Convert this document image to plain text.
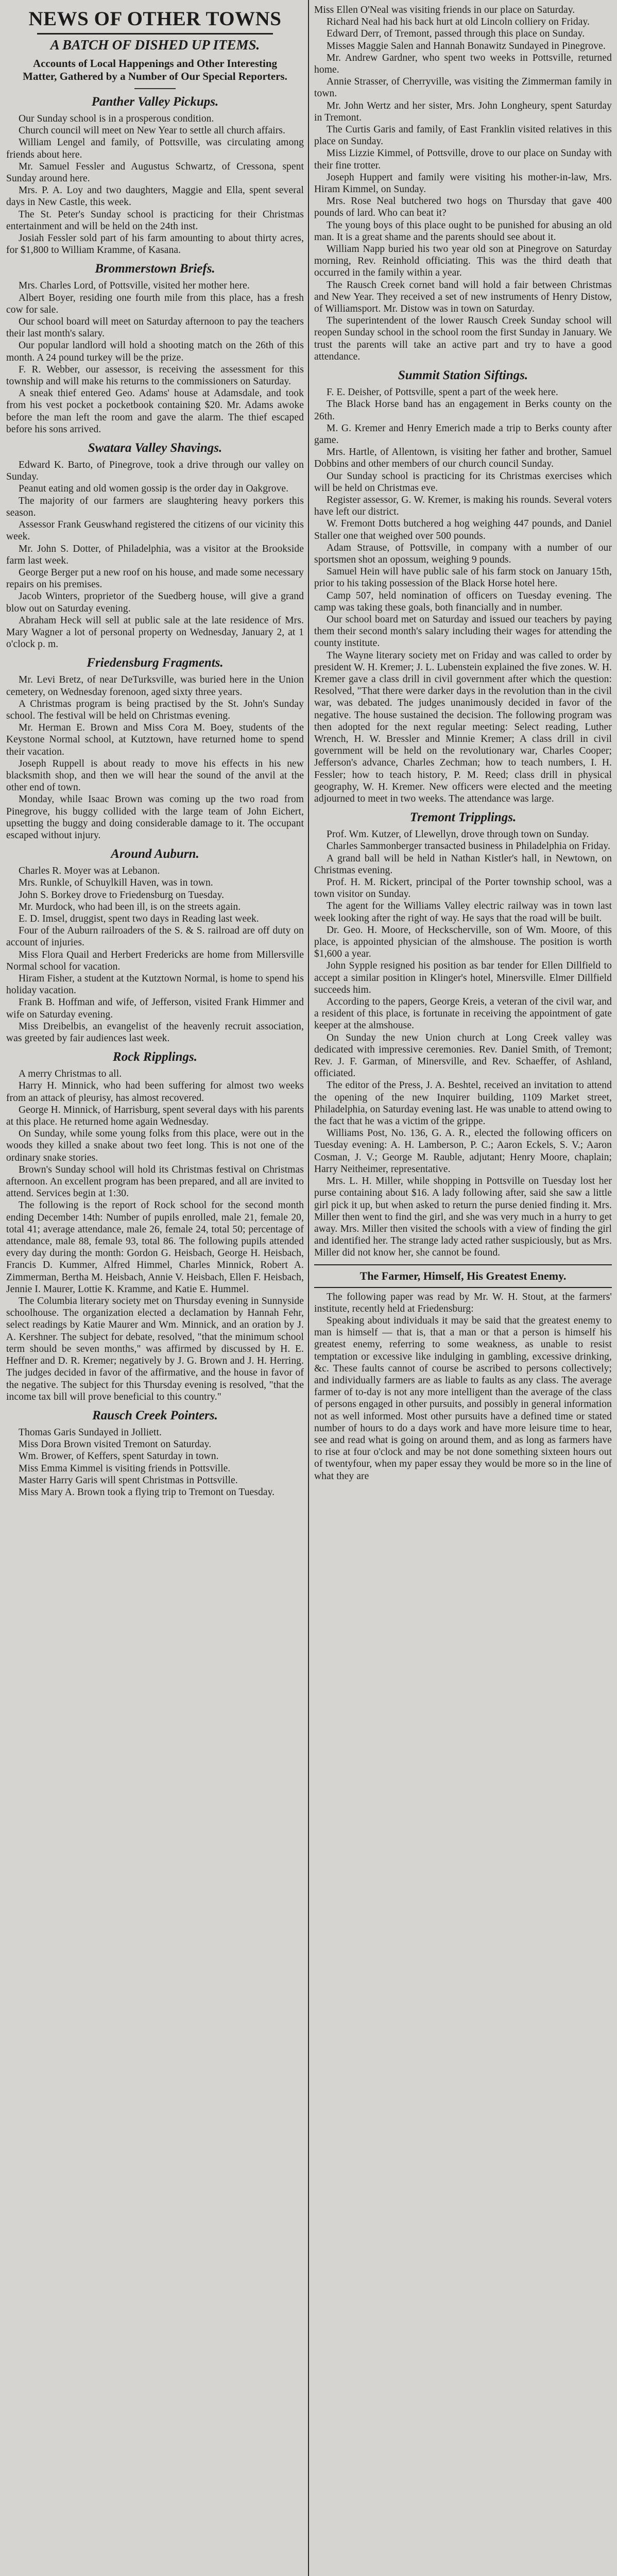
NEWS OF OTHER TOWNS
A BATCH OF DISHED UP ITEMS.
Accounts of Local Happenings and Other Interesting Matter, Gathered by a Number of Our Special Reporters.
Panther Valley Pickups.

Our Sunday school is in a prosperous condition.

Church council will meet on New Year to settle all church affairs.

William Lengel and family, of Pottsville, was circulating among friends about here.

Mr. Samuel Fessler and Augustus Schwartz, of Cressona, spent Sunday around here.

Mrs. P. A. Loy and two daughters, Maggie and Ella, spent several days in New Castle, this week.

The St. Peter's Sunday school is practicing for their Christmas entertainment and will be held on the 24th inst.

Josiah Fessler sold part of his farm amounting to about thirty acres, for $1,800 to William Kramme, of Kasana.

Brommerstown Briefs.

Mrs. Charles Lord, of Pottsville, visited her mother here.

Albert Boyer, residing one fourth mile from this place, has a fresh cow for sale.

Our school board will meet on Saturday afternoon to pay the teachers their last month's salary.

Our popular landlord will hold a shooting match on the 26th of this month. A 24 pound turkey will be the prize.

F. R. Webber, our assessor, is receiving the assessment for this township and will make his returns to the commissioners on Saturday.

A sneak thief entered Geo. Adams' house at Adamsdale, and took from his vest pocket a pocketbook containing $20. Mr. Adams awoke before the man left the room and gave the alarm. The thief escaped before his sons arrived.

Swatara Valley Shavings.

Edward K. Barto, of Pinegrove, took a drive through our valley on Sunday.

Peanut eating and old women gossip is the order day in Oakgrove.

The majority of our farmers are slaughtering heavy porkers this season.

Assessor Frank Geuswhand registered the citizens of our vicinity this week.

Mr. John S. Dotter, of Philadelphia, was a visitor at the Brookside farm last week.

George Berger put a new roof on his house, and made some necessary repairs on his premises.

Jacob Winters, proprietor of the Suedberg house, will give a grand blow out on Saturday evening.

Abraham Heck will sell at public sale at the late residence of Mrs. Mary Wagner a lot of personal property on Wednesday, January 2, at 1 o'clock p. m.

Friedensburg Fragments.

Mr. Levi Bretz, of near DeTurksville, was buried here in the Union cemetery, on Wednesday forenoon, aged sixty three years.

A Christmas program is being practised by the St. John's Sunday school. The festival will be held on Christmas evening.

Mr. Herman E. Brown and Miss Cora M. Boey, students of the Keystone Normal school, at Kutztown, have returned home to spend their vacation.

Joseph Ruppell is about ready to move his effects in his new blacksmith shop, and then we will hear the sound of the anvil at the other end of town.

Monday, while Isaac Brown was coming up the two road from Pinegrove, his buggy collided with the large team of John Eichert, upsetting the buggy and doing considerable damage to it. The occupant escaped without injury.

Around Auburn.

Charles R. Moyer was at Lebanon.

Mrs. Runkle, of Schuylkill Haven, was in town.

John S. Borkey drove to Friedensburg on Tuesday.

Mr. Murdock, who had been ill, is on the streets again.

E. D. Imsel, druggist, spent two days in Reading last week.

Four of the Auburn railroaders of the S. & S. railroad are off duty on account of injuries.

Miss Flora Quail and Herbert Fredericks are home from Millersville Normal school for vacation.

Hiram Fisher, a student at the Kutztown Normal, is home to spend his holiday vacation.

Frank B. Hoffman and wife, of Jefferson, visited Frank Himmer and wife on Saturday evening.

Miss Dreibelbis, an evangelist of the heavenly recruit association, was greeted by fair audiences last week.

Rock Ripplings.

A merry Christmas to all.

Harry H. Minnick, who had been suffering for almost two weeks from an attack of pleurisy, has almost recovered.

George H. Minnick, of Harrisburg, spent several days with his parents at this place. He returned home again Wednesday.

On Sunday, while some young folks from this place, were out in the woods they killed a snake about two feet long. This is not one of the ordinary snake stories.

Brown's Sunday school will hold its Christmas festival on Christmas afternoon. An excellent program has been prepared, and all are invited to attend. Services begin at 1:30.

The following is the report of Rock school for the second month ending December 14th: Number of pupils enrolled, male 21, female 20, total 41; average attendance, male 26, female 24, total 50; percentage of attendance, male 88, female 93, total 86. The following pupils attended every day during the month: Gordon G. Heisbach, George H. Heisbach, Francis D. Kummer, Alfred Himmel, Charles Minnick, Robert A. Zimmerman, Bertha M. Heisbach, Annie V. Heisbach, Ellen F. Heisbach, Jennie I. Maurer, Lottie K. Kramme, and Katie E. Hummel.

The Columbia literary society met on Thursday evening in Sunnyside schoolhouse. The organization elected a declamation by Hannah Fehr, select readings by Katie Maurer and Wm. Minnick, and an oration by J. A. Kershner. The subject for debate, resolved, "that the minimum school term should be seven months," was affirmed by discussed by H. E. Heffner and D. R. Kremer; negatively by J. G. Brown and J. H. Herring. The judges decided in favor of the affirmative, and the house in favor of the negative. The subject for this Thursday evening is resolved, "that the income tax bill will prove beneficial to this country."

Rausch Creek Pointers.

Thomas Garis Sundayed in Jolliett.

Miss Dora Brown visited Tremont on Saturday.

Wm. Brower, of Keffers, spent Saturday in town.

Miss Emma Kimmel is visiting friends in Pottsville.

Master Harry Garis will spent Christmas in Pottsville.

Miss Mary A. Brown took a flying trip to Tremont on Tuesday.

Miss Ellen O'Neal was visiting friends in our place on Saturday.

Richard Neal had his back hurt at old Lincoln colliery on Friday.

Edward Derr, of Tremont, passed through this place on Sunday.

Misses Maggie Salen and Hannah Bonawitz Sundayed in Pinegrove.

Mr. Andrew Gardner, who spent two weeks in Pottsville, returned home.

Annie Strasser, of Cherryville, was visiting the Zimmerman family in town.

Mr. John Wertz and her sister, Mrs. John Longheury, spent Saturday in Tremont.

The Curtis Garis and family, of East Franklin visited relatives in this place on Sunday.

Miss Lizzie Kimmel, of Pottsville, drove to our place on Sunday with their fine trotter.

Joseph Huppert and family were visiting his mother-in-law, Mrs. Hiram Kimmel, on Sunday.

Mrs. Rose Neal butchered two hogs on Thursday that gave 400 pounds of lard. Who can beat it?

The young boys of this place ought to be punished for abusing an old man. It is a great shame and the parents should see about it.

William Napp buried his two year old son at Pinegrove on Saturday morning, Rev. Reinhold officiating. This was the third death that occurred in the family within a year.

The Rausch Creek cornet band will hold a fair between Christmas and New Year. They received a set of new instruments of Henry Distow, of Williamsport. Mr. Distow was in town on Saturday.

The superintendent of the lower Rausch Creek Sunday school will reopen Sunday school in the school room the first Sunday in January. We trust the parents will take an active part and try to have a good attendance.

Summit Station Siftings.

F. E. Deisher, of Pottsville, spent a part of the week here.

The Black Horse band has an engagement in Berks county on the 26th.

M. G. Kremer and Henry Emerich made a trip to Berks county after game.

Mrs. Hartle, of Allentown, is visiting her father and brother, Samuel Dobbins and other members of our church council Sunday.

Our Sunday school is practicing for its Christmas exercises which will be held on Christmas eve.

Register assessor, G. W. Kremer, is making his rounds. Several voters have left our district.

W. Fremont Dotts butchered a hog weighing 447 pounds, and Daniel Staller one that weighed over 500 pounds.

Adam Strause, of Pottsville, in company with a number of our sportsmen shot an opossum, weighing 9 pounds.

Samuel Hein will have public sale of his farm stock on January 15th, prior to his taking possession of the Black Horse hotel here.

Camp 507, held nomination of officers on Tuesday evening. The camp was taking these goals, both financially and in number.

Our school board met on Saturday and issued our teachers by paying them their second month's salary including their wages for attending the county institute.

The Wayne literary society met on Friday and was called to order by president W. H. Kremer; J. L. Lubenstein explained the five zones. W. H. Kremer gave a class drill in civil government after which the question: Resolved, "That there were darker days in the revolution than in the civil war, was debated. The judges unanimously decided in favor of the negative. The house sustained the decision. The following program was then adopted for the next regular meeting: Select reading, Luther Wrench, H. W. Bressler and Minnie Kremer; A class drill in civil government will be held on the revolutionary war, Charles Cooper; Jefferson's advance, Charles Zechman; how to teach numbers, I. H. Fessler; how to teach history, P. M. Reed; class drill in physical geography, W. H. Kremer. New officers were elected and the meeting adjourned to meet in two weeks. The attendance was large.

Tremont Tripplings.

Prof. Wm. Kutzer, of Llewellyn, drove through town on Sunday.

Charles Sammonberger transacted business in Philadelphia on Friday.

A grand ball will be held in Nathan Kistler's hall, in Newtown, on Christmas evening.

Prof. H. M. Rickert, principal of the Porter township school, was a town visitor on Sunday.

The agent for the Williams Valley electric railway was in town last week looking after the right of way. He says that the road will be built.

Dr. Geo. H. Moore, of Heckscherville, son of Wm. Moore, of this place, is appointed physician of the almshouse. The position is worth $1,600 a year.

John Sypple resigned his position as bar tender for Ellen Dillfield to accept a similar position in Klinger's hotel, Minersville. Elmer Dillfield succeeds him.

According to the papers, George Kreis, a veteran of the civil war, and a resident of this place, is fortunate in receiving the appointment of gate keeper at the almshouse.

On Sunday the new Union church at Long Creek valley was dedicated with impressive ceremonies. Rev. Daniel Smith, of Tremont; Rev. J. F. Garman, of Minersville, and Rev. Schaeffer, of Ashland, officiated.

The editor of the Press, J. A. Beshtel, received an invitation to attend the opening of the new Inquirer building, 1109 Market street, Philadelphia, on Saturday evening last. He was unable to attend owing to the fact that he was a victim of the grippe.

Williams Post, No. 136, G. A. R., elected the following officers on Tuesday evening: A. H. Lamberson, P. C.; Aaron Eckels, S. V.; Aaron Cosman, J. V.; George M. Rauble, adjutant; Henry Moore, chaplain; Harry Neitheimer, representative.

Mrs. L. H. Miller, while shopping in Pottsville on Tuesday lost her purse containing about $16. A lady following after, said she saw a little girl pick it up, but when asked to return the purse denied finding it. Mrs. Miller then went to find the girl, and she was very much in a hurry to get away. Mrs. Miller then visited the schools with a view of finding the girl and identified her. The strange lady acted rather suspiciously, but as Mrs. Miller did not know her, she cannot be found.

The Farmer, Himself, His Greatest Enemy.

The following paper was read by Mr. W. H. Stout, at the farmers' institute, recently held at Friedensburg:

Speaking about individuals it may be said that the greatest enemy to man is himself — that is, that a man or that a person is himself his greatest enemy, referring to some weakness, as unable to resist temptation or excessive like indulging in gambling, excessive drinking, &c. These faults cannot of course be ascribed to persons collectively; and individually farmers are as liable to faults as any class. The average farmer of to-day is not any more intelligent than the average of the class of persons engaged in other pursuits, and possibly in general information not as well informed. Most other pursuits have a defined time or stated number of hours to do a days work and have more leisure time to hear, see and read what is going on around them, and as long as farmers have to rise at four o'clock and may be not done something sixteen hours out of twentyfour, when my paper essay they would be more so in the line of what they are
